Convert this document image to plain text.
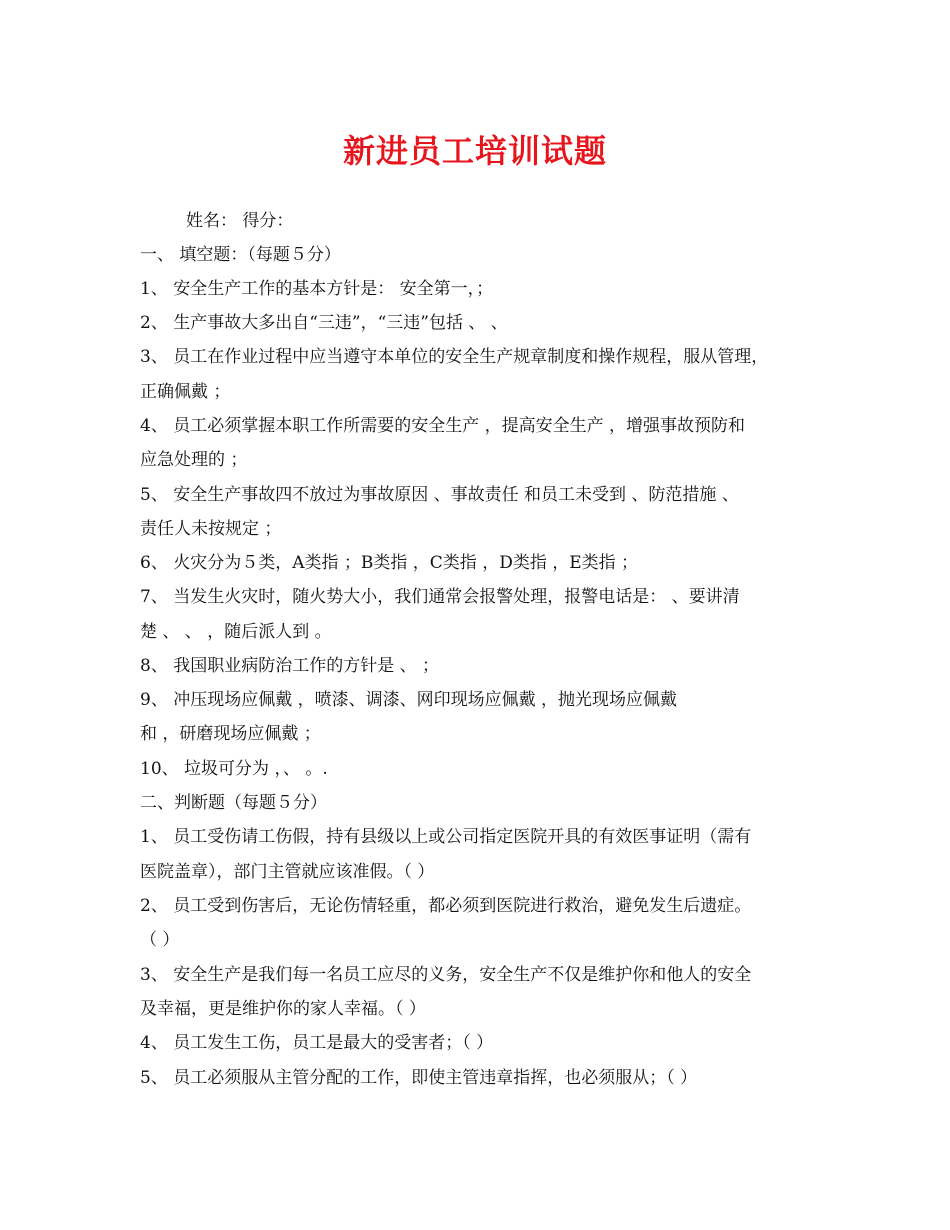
新进员工培训试题
姓名： 得分：
一、 填空题：（每题５分）
1、 安全生产工作的基本方针是： 安全第一，；
2、 生产事故大多出自“三违”，“三违”包括 、 、
3、 员工在作业过程中应当遵守本单位的安全生产规章制度和操作规程，服从管理，
正确佩戴 ；
4、 员工必须掌握本职工作所需要的安全生产 ，提高安全生产 ，增强事故预防和
应急处理的 ；
5、 安全生产事故四不放过为事故原因 、事故责任 和员工未受到 、防范措施 、
责任人未按规定 ；
6、 火灾分为５类，A类指 ；B类指 ，C类指 ，D类指 ，E类指 ；
7、 当发生火灾时，随火势大小，我们通常会报警处理，报警电话是： 、要讲清
楚 、 、 ，随后派人到 。
8、 我国职业病防治工作的方针是 、 ；
9、 冲压现场应佩戴 ，喷漆、调漆、网印现场应佩戴 ，抛光现场应佩戴
和 ，研磨现场应佩戴 ；
10、 垃圾可分为 ，、 。.
二、判断题（每题５分）
1、 员工受伤请工伤假，持有县级以上或公司指定医院开具的有效医事证明（需有
医院盖章），部门主管就应该准假。（ ）
2、 员工受到伤害后，无论伤情轻重，都必须到医院进行救治，避免发生后遗症。
（ ）
3、 安全生产是我们每一名员工应尽的义务，安全生产不仅是维护你和他人的安全
及幸福，更是维护你的家人幸福。（ ）
4、 员工发生工伤，员工是最大的受害者；（ ）
5、 员工必须服从主管分配的工作，即使主管违章指挥，也必须服从；（ ）
